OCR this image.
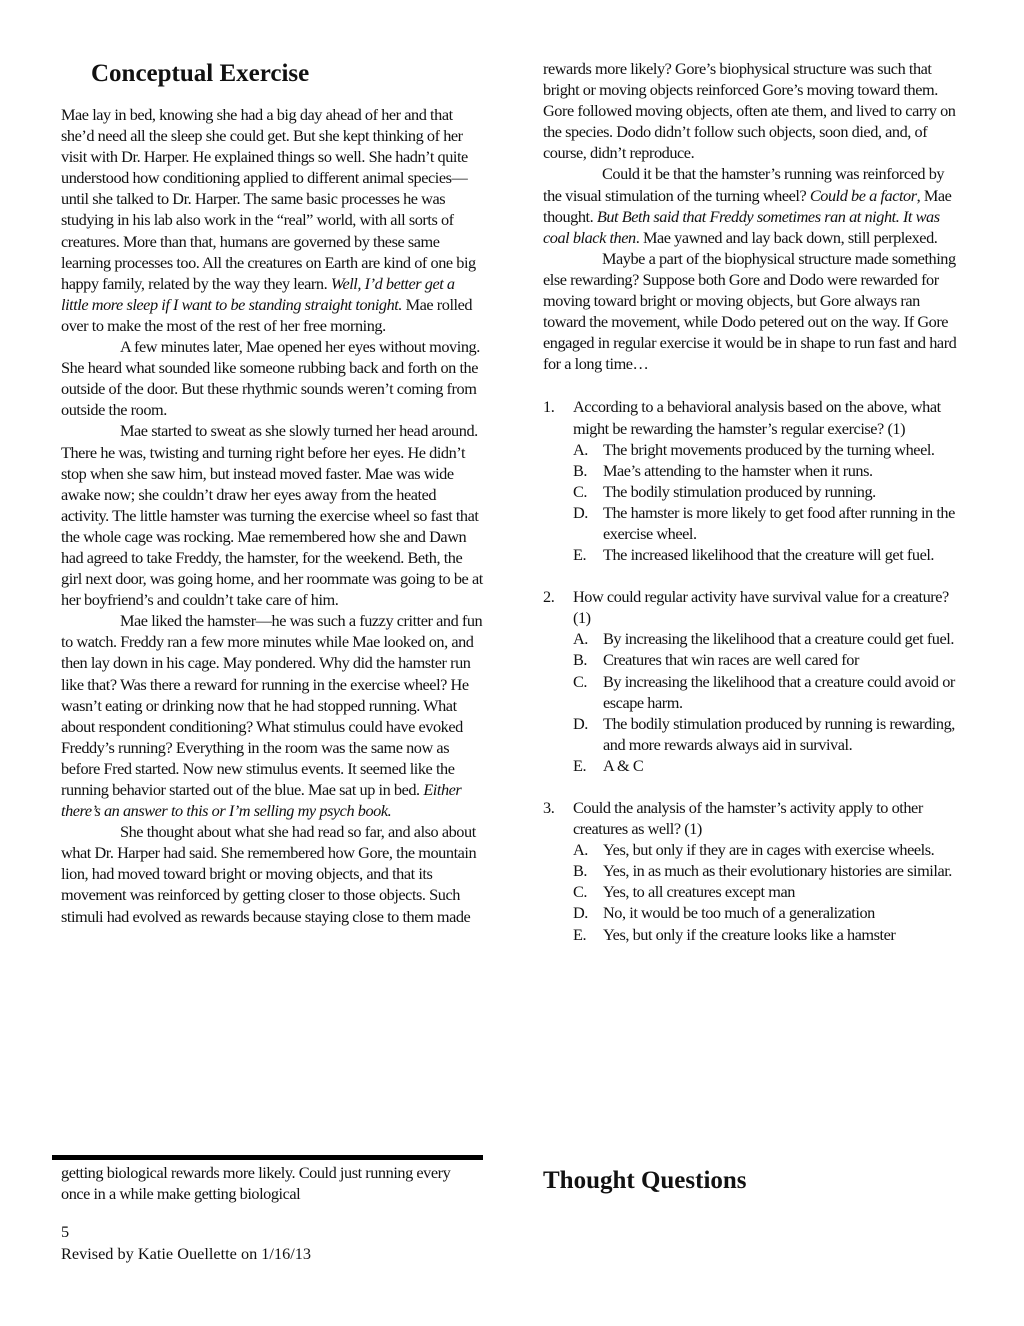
Conceptual Exercise

Mae lay in bed, knowing she had a big day ahead of her and that she’d need all the sleep she could get. But she kept thinking of her visit with Dr. Harper. He explained things so well. She hadn’t quite understood how conditioning applied to different animal species—until she talked to Dr. Harper. The same basic processes he was studying in his lab also work in the “real” world, with all sorts of creatures. More than that, humans are governed by these same learning processes too. All the creatures on Earth are kind of one big happy family, related by the way they learn. Well, I’d better get a little more sleep if I want to be standing straight tonight. Mae rolled over to make the most of the rest of her free morning.

A few minutes later, Mae opened her eyes without moving. She heard what sounded like someone rubbing back and forth on the outside of the door. But these rhythmic sounds weren’t coming from outside the room.

Mae started to sweat as she slowly turned her head around. There he was, twisting and turning right before her eyes. He didn’t stop when she saw him, but instead moved faster. Mae was wide awake now; she couldn’t draw her eyes away from the heated activity. The little hamster was turning the exercise wheel so fast that the whole cage was rocking. Mae remembered how she and Dawn had agreed to take Freddy, the hamster, for the weekend. Beth, the girl next door, was going home, and her roommate was going to be at her boyfriend’s and couldn’t take care of him.

Mae liked the hamster—he was such a fuzzy critter and fun to watch. Freddy ran a few more minutes while Mae looked on, and then lay down in his cage. May pondered. Why did the hamster run like that? Was there a reward for running in the exercise wheel? He wasn’t eating or drinking now that he had stopped running. What about respondent conditioning? What stimulus could have evoked Freddy’s running? Everything in the room was the same now as before Fred started. Now new stimulus events. It seemed like the running behavior started out of the blue. Mae sat up in bed. Either there’s an answer to this or I’m selling my psych book.

She thought about what she had read so far, and also about what Dr. Harper had said. She remembered how Gore, the mountain lion, had moved toward bright or moving objects, and that its movement was reinforced by getting closer to those objects. Such stimuli had evolved as rewards because staying close to them made

getting biological rewards more likely. Could just running every once in a while make getting biological

rewards more likely? Gore’s biophysical structure was such that bright or moving objects reinforced Gore’s moving toward them. Gore followed moving objects, often ate them, and lived to carry on the species. Dodo didn’t follow such objects, soon died, and, of course, didn’t reproduce.

Could it be that the hamster’s running was reinforced by the visual stimulation of the turning wheel? Could be a factor, Mae thought. But Beth said that Freddy sometimes ran at night. It was coal black then. Mae yawned and lay back down, still perplexed.

Maybe a part of the biophysical structure made something else rewarding? Suppose both Gore and Dodo were rewarded for moving toward bright or moving objects, but Gore always ran toward the movement, while Dodo petered out on the way. If Gore engaged in regular exercise it would be in shape to run fast and hard for a long time…

1.	According to a behavioral analysis based on the above, what might be rewarding the hamster’s regular exercise? (1)
A. The bright movements produced by the turning wheel.
B. Mae’s attending to the hamster when it runs.
C. The bodily stimulation produced by running.
D. The hamster is more likely to get food after running in the exercise wheel.
E.	The increased likelihood that the creature will get fuel.
2.	How could regular activity have survival value for a creature? (1)
A. By increasing the likelihood that a creature could get fuel.
B. Creatures that win races are well cared for
C. By increasing the likelihood that a creature could avoid or escape harm.
D. The bodily stimulation produced by running is rewarding, and more rewards always aid in survival.
E.	A & C
3.	Could the analysis of the hamster’s activity apply to other creatures as well? (1)
A. Yes, but only if they are in cages with exercise wheels.
B. Yes, in as much as their evolutionary histories are similar.
C. Yes, to all creatures except man
D. No, it would be too much of a generalization
E.	Yes, but only if the creature looks like a hamster
Thought Questions
5
Revised by Katie Ouellette on 1/16/13
